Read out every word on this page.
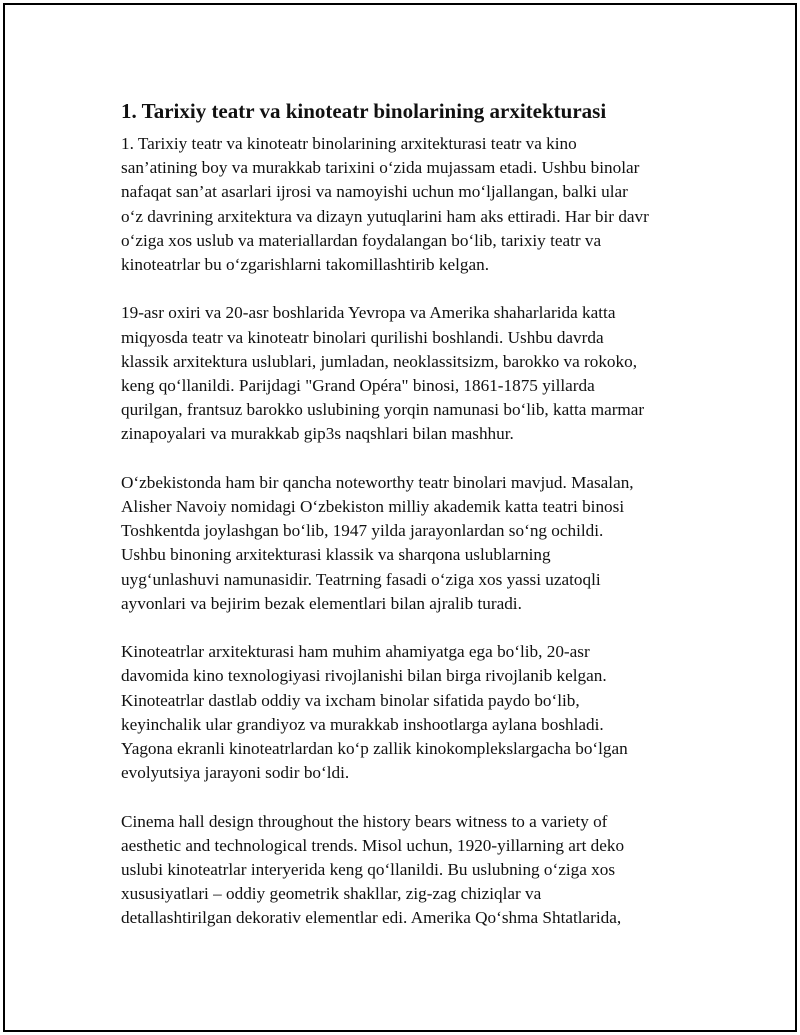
1. Tarixiy teatr va kinoteatr binolarining arxitekturasi

1. Tarixiy teatr va kinoteatr binolarining arxitekturasi teatr va kino
san’atining boy va murakkab tarixini o‘zida mujassam etadi. Ushbu binolar
nafaqat san’at asarlari ijrosi va namoyishi uchun mo‘ljallangan, balki ular
o‘z davrining arxitektura va dizayn yutuqlarini ham aks ettiradi. Har bir davr
o‘ziga xos uslub va materiallardan foydalangan bo‘lib, tarixiy teatr va
kinoteatrlar bu o‘zgarishlarni takomillashtirib kelgan.

19-asr oxiri va 20-asr boshlarida Yevropa va Amerika shaharlarida katta
miqyosda teatr va kinoteatr binolari qurilishi boshlandi. Ushbu davrda
klassik arxitektura uslublari, jumladan, neoklassitsizm, barokko va rokoko,
keng qo‘llanildi. Parijdagi "Grand Opéra" binosi, 1861-1875 yillarda
qurilgan, frantsuz barokko uslubining yorqin namunasi bo‘lib, katta marmar
zinapoyalari va murakkab gip3s naqshlari bilan mashhur.

O‘zbekistonda ham bir qancha noteworthy teatr binolari mavjud. Masalan,
Alisher Navoiy nomidagi O‘zbekiston milliy akademik katta teatri binosi
Toshkentda joylashgan bo‘lib, 1947 yilda jarayonlardan so‘ng ochildi.
Ushbu binoning arxitekturasi klassik va sharqona uslublarning
uyg‘unlashuvi namunasidir. Teatrning fasadi o‘ziga xos yassi uzatoqli
ayvonlari va bejirim bezak elementlari bilan ajralib turadi.

Kinoteatrlar arxitekturasi ham muhim ahamiyatga ega bo‘lib, 20-asr
davomida kino texnologiyasi rivojlanishi bilan birga rivojlanib kelgan.
Kinoteatrlar dastlab oddiy va ixcham binolar sifatida paydo bo‘lib,
keyinchalik ular grandiyoz va murakkab inshootlarga aylana boshladi.
Yagona ekranli kinoteatrlardan ko‘p zallik kinokomplekslargacha bo‘lgan
evolyutsiya jarayoni sodir bo‘ldi.

Cinema hall design throughout the history bears witness to a variety of
aesthetic and technological trends. Misol uchun, 1920-yillarning art deko
uslubi kinoteatrlar interyerida keng qo‘llanildi. Bu uslubning o‘ziga xos
xususiyatlari – oddiy geometrik shakllar, zig-zag chiziqlar va
detallashtirilgan dekorativ elementlar edi. Amerika Qo‘shma Shtatlarida,
